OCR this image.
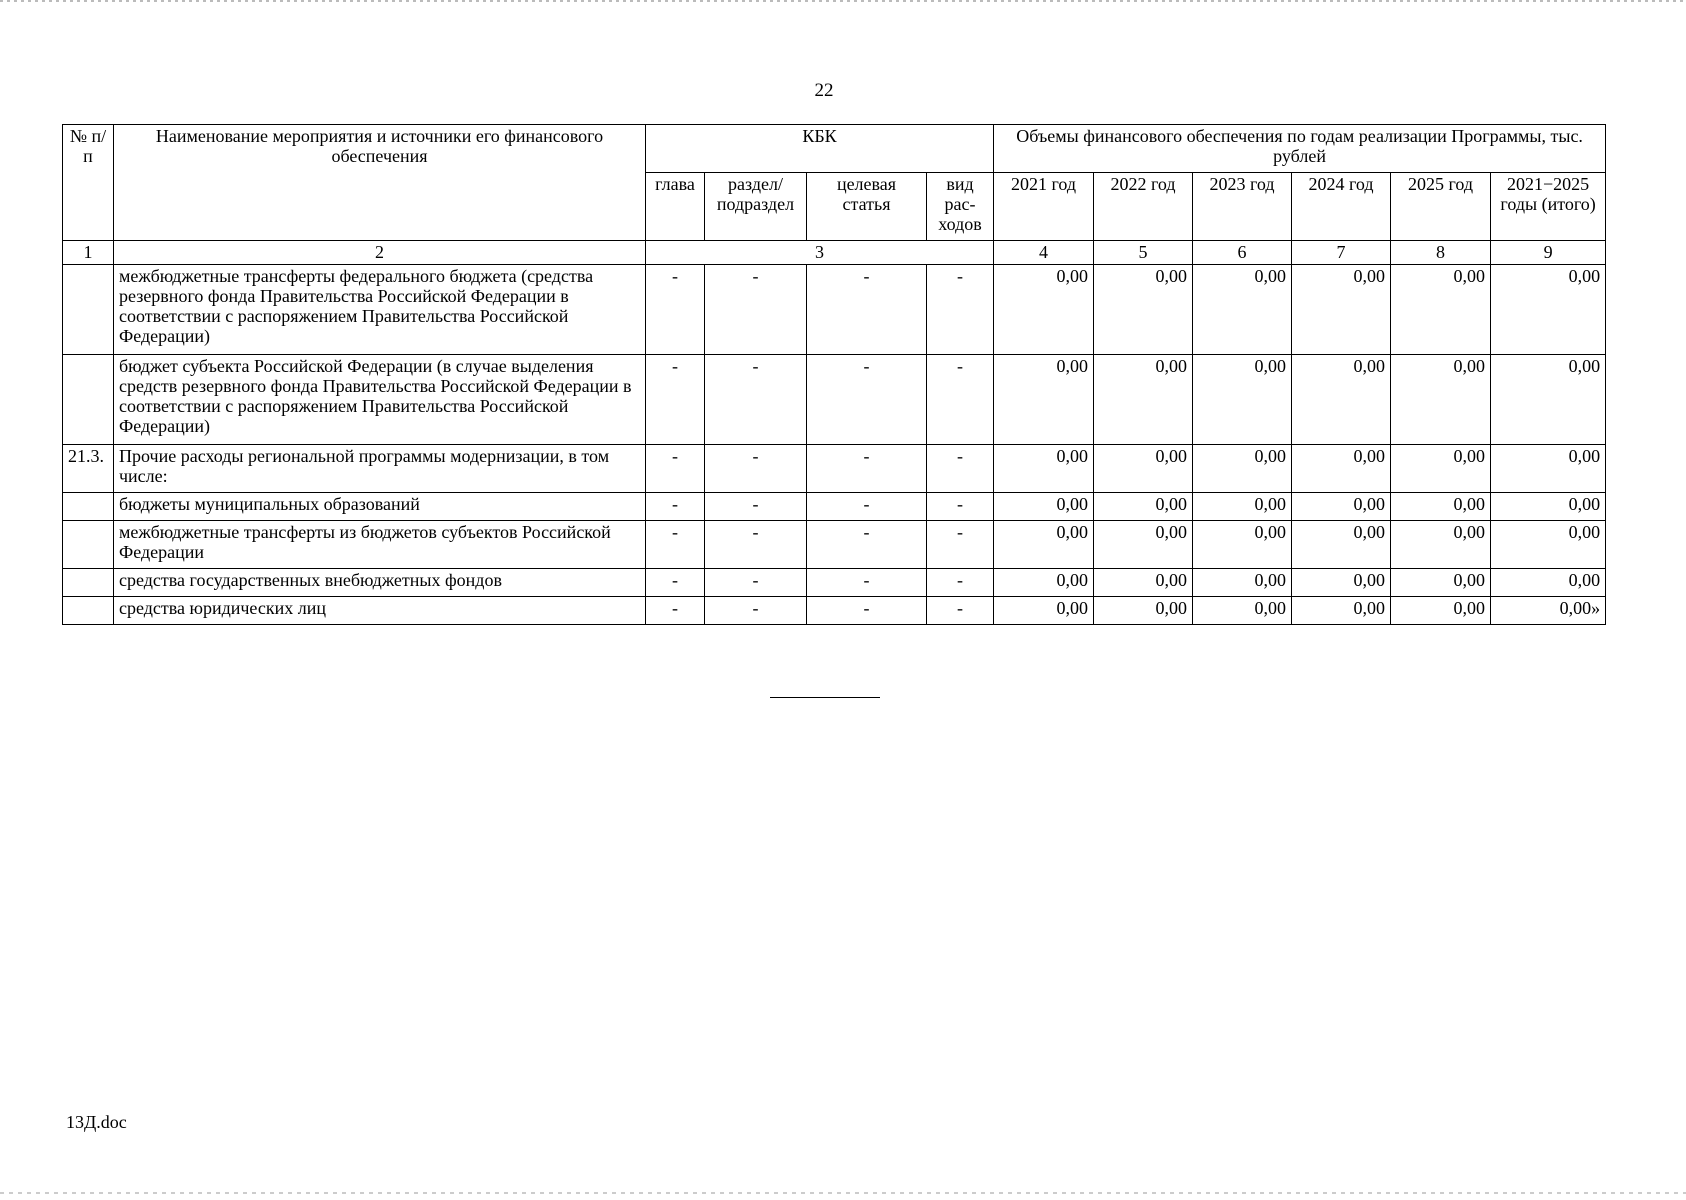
22
№ п/п	Наименование мероприятия и источники его финансового обеспечения	КБК				Объемы финансового обеспечения по годам реализации Программы, тыс. рублей					
		глава	раздел/ подраздел	целевая статья	вид рас- ходов	2021 год	2022 год	2023 год	2024 год	2025 год	2021−2025 годы (итого)
1	2	3				4	5	6	7	8	9
	межбюджетные трансферты федерального бюджета (средства резервного фонда Правительства Российской Федерации в соответствии с распоряжением Правительства Российской Федерации)	-	-	-	-	0,00	0,00	0,00	0,00	0,00	0,00
	бюджет субъекта Российской Федерации (в случае выделения средств резервного фонда Правительства Российской Федерации в соответствии с распоряжением Правительства Российской Федерации)	-	-	-	-	0,00	0,00	0,00	0,00	0,00	0,00
21.3.	Прочие расходы региональной программы модернизации, в том числе:	-	-	-	-	0,00	0,00	0,00	0,00	0,00	0,00
	бюджеты муниципальных образований	-	-	-	-	0,00	0,00	0,00	0,00	0,00	0,00
	межбюджетные трансферты из бюджетов субъектов Российской Федерации	-	-	-	-	0,00	0,00	0,00	0,00	0,00	0,00
	средства государственных внебюджетных фондов	-	-	-	-	0,00	0,00	0,00	0,00	0,00	0,00
	средства юридических лиц	-	-	-	-	0,00	0,00	0,00	0,00	0,00	0,00»
13Д.doc
